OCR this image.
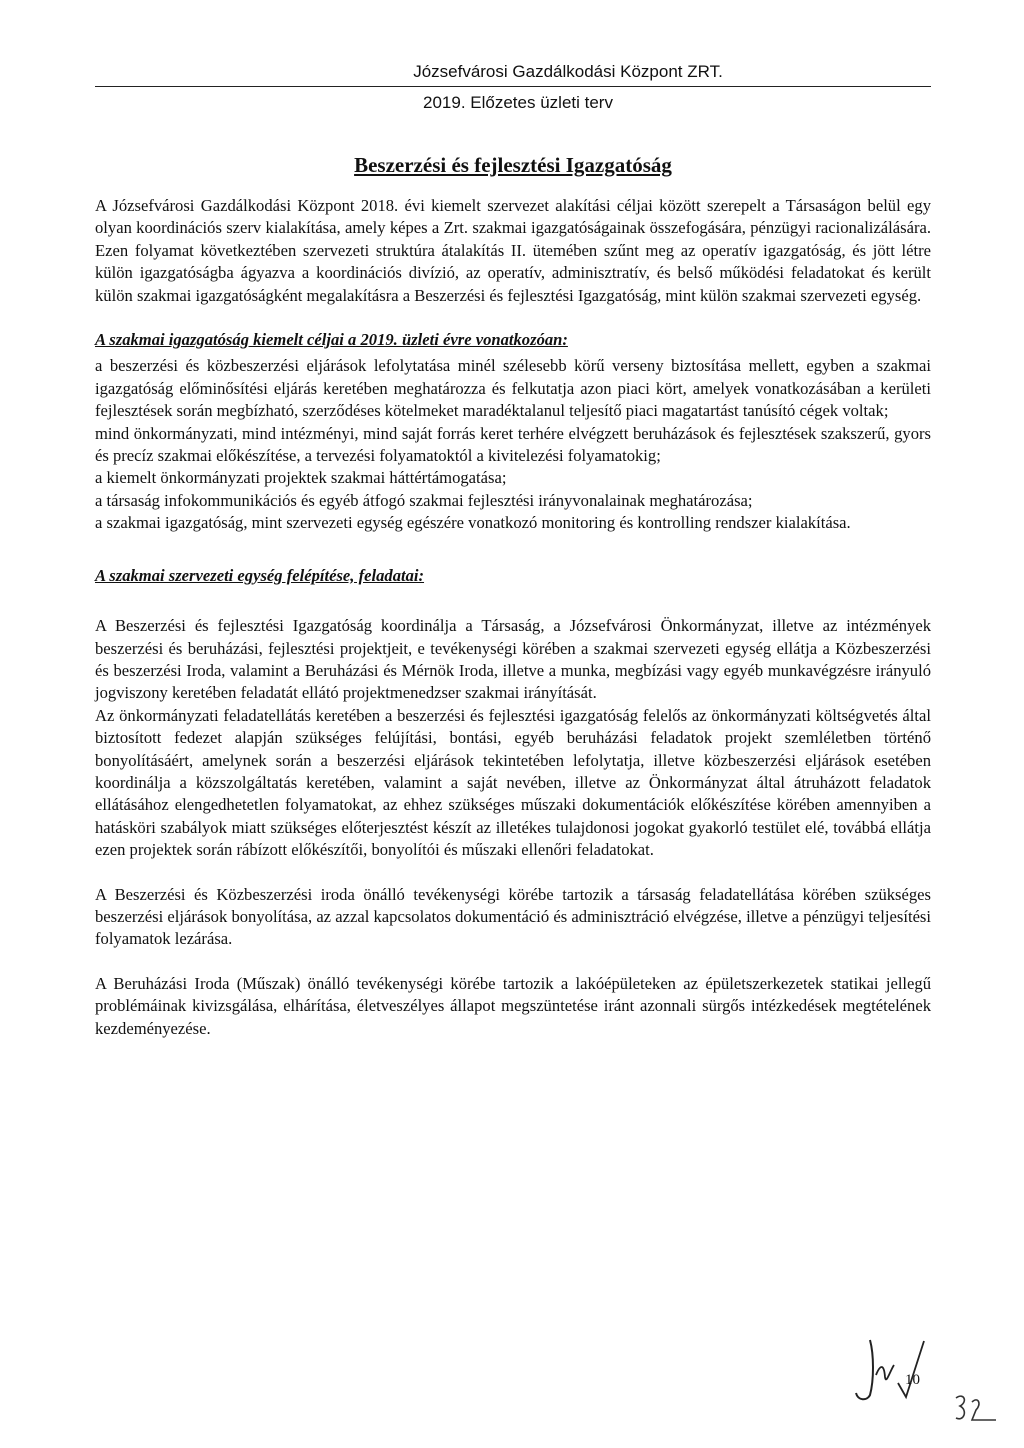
Józsefvárosi Gazdálkodási Központ ZRT.
2019. Előzetes üzleti terv
Beszerzési és fejlesztési Igazgatóság

A Józsefvárosi Gazdálkodási Központ 2018. évi kiemelt szervezet alakítási céljai között szerepelt a Társaságon belül egy olyan koordinációs szerv kialakítása, amely képes a Zrt. szakmai igazgatóságainak összefogására, pénzügyi racionalizálására. Ezen folyamat következtében szervezeti struktúra átalakítás II. ütemében szűnt meg az operatív igazgatóság, és jött létre külön igazgatóságba ágyazva a koordinációs divízió, az operatív, adminisztratív, és belső működési feladatokat és került külön szakmai igazgatóságként megalakításra a Beszerzési és fejlesztési Igazgatóság, mint külön szakmai szervezeti egység.

A szakmai igazgatóság kiemelt céljai a 2019. üzleti évre vonatkozóan:

a beszerzési és közbeszerzési eljárások lefolytatása minél szélesebb körű verseny biztosítása mellett, egyben a szakmai igazgatóság előminősítési eljárás keretében meghatározza és felkutatja azon piaci kört, amelyek vonatkozásában a kerületi fejlesztések során megbízható, szerződéses kötelmeket maradéktalanul teljesítő piaci magatartást tanúsító cégek voltak;

mind önkormányzati, mind intézményi, mind saját forrás keret terhére elvégzett beruházások és fejlesztések szakszerű, gyors és precíz szakmai előkészítése, a tervezési folyamatoktól a kivitelezési folyamatokig;

a kiemelt önkormányzati projektek szakmai háttértámogatása;

a társaság infokommunikációs és egyéb átfogó szakmai fejlesztési irányvonalainak meghatározása;

a szakmai igazgatóság, mint szervezeti egység egészére vonatkozó monitoring és kontrolling rendszer kialakítása.

A szakmai szervezeti egység felépítése, feladatai:

A Beszerzési és fejlesztési Igazgatóság koordinálja a Társaság, a Józsefvárosi Önkormányzat, illetve az intézmények beszerzési és beruházási, fejlesztési projektjeit, e tevékenységi körében a szakmai szervezeti egység ellátja a Közbeszerzési és beszerzési Iroda, valamint a Beruházási és Mérnök Iroda, illetve a munka, megbízási vagy egyéb munkavégzésre irányuló jogviszony keretében feladatát ellátó projektmenedzser szakmai irányítását.

Az önkormányzati feladatellátás keretében a beszerzési és fejlesztési igazgatóság felelős az önkormányzati költségvetés által biztosított fedezet alapján szükséges felújítási, bontási, egyéb beruházási feladatok projekt szemléletben történő bonyolításáért, amelynek során a beszerzési eljárások tekintetében lefolytatja, illetve közbeszerzési eljárások esetében koordinálja a közszolgáltatás keretében, valamint a saját nevében, illetve az Önkormányzat által átruházott feladatok ellátásához elengedhetetlen folyamatokat, az ehhez szükséges műszaki dokumentációk előkészítése körében amennyiben a hatásköri szabályok miatt szükséges előterjesztést készít az illetékes tulajdonosi jogokat gyakorló testület elé, továbbá ellátja ezen projektek során rábízott előkészítői, bonyolítói és műszaki ellenőri feladatokat.

A Beszerzési és Közbeszerzési iroda önálló tevékenységi körébe tartozik a társaság feladatellátása körében szükséges beszerzési eljárások bonyolítása, az azzal kapcsolatos dokumentáció és adminisztráció elvégzése, illetve a pénzügyi teljesítési folyamatok lezárása.

A Beruházási Iroda (Műszak) önálló tevékenységi körébe tartozik a lakóépületeken az épületszerkezetek statikai jellegű problémáinak kivizsgálása, elhárítása, életveszélyes állapot megszüntetése iránt azonnali sürgős intézkedések megtételének kezdeményezése.

10
